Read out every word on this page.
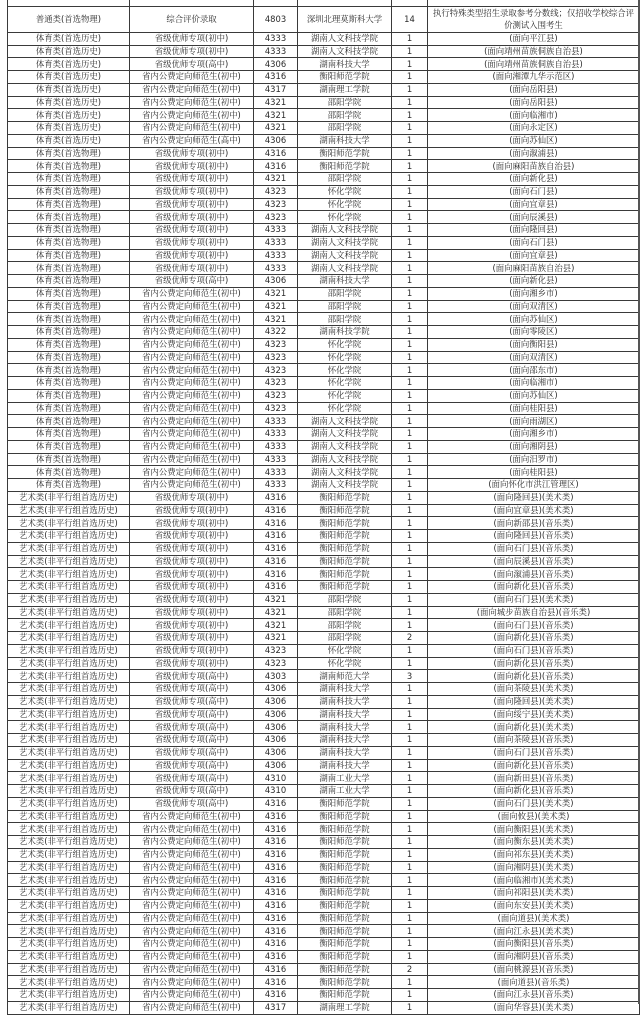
普通类(首选物理)	综合评价录取	4803	深圳北理莫斯科大学	14	执行特殊类型招生录取参考分数线；仅招收学校综合评价测试入围考生
体育类(首选历史)	省级优师专项(初中)	4333	湖南人文科技学院	1	(面向平江县)
体育类(首选历史)	省级优师专项(初中)	4333	湖南人文科技学院	1	(面向靖州苗族侗族自治县)
体育类(首选历史)	省级优师专项(高中)	4306	湖南科技大学	1	(面向靖州苗族侗族自治县)
体育类(首选历史)	省内公费定向师范生(初中)	4316	衡阳师范学院	1	(面向湘潭九华示范区)
体育类(首选历史)	省内公费定向师范生(初中)	4317	湖南理工学院	1	(面向岳阳县)
体育类(首选历史)	省内公费定向师范生(初中)	4321	邵阳学院	1	(面向岳阳县)
体育类(首选历史)	省内公费定向师范生(初中)	4321	邵阳学院	1	(面向临湘市)
体育类(首选历史)	省内公费定向师范生(初中)	4321	邵阳学院	1	(面向永定区)
体育类(首选历史)	省内公费定向师范生(高中)	4306	湖南科技大学	1	(面向苏仙区)
体育类(首选物理)	省级优师专项(初中)	4316	衡阳师范学院	1	(面向溆浦县)
体育类(首选物理)	省级优师专项(初中)	4316	衡阳师范学院	1	(面向麻阳苗族自治县)
体育类(首选物理)	省级优师专项(初中)	4321	邵阳学院	1	(面向新化县)
体育类(首选物理)	省级优师专项(初中)	4323	怀化学院	1	(面向石门县)
体育类(首选物理)	省级优师专项(初中)	4323	怀化学院	1	(面向宜章县)
体育类(首选物理)	省级优师专项(初中)	4323	怀化学院	1	(面向辰溪县)
体育类(首选物理)	省级优师专项(初中)	4333	湖南人文科技学院	1	(面向隆回县)
体育类(首选物理)	省级优师专项(初中)	4333	湖南人文科技学院	1	(面向石门县)
体育类(首选物理)	省级优师专项(初中)	4333	湖南人文科技学院	1	(面向宜章县)
体育类(首选物理)	省级优师专项(初中)	4333	湖南人文科技学院	1	(面向麻阳苗族自治县)
体育类(首选物理)	省级优师专项(高中)	4306	湖南科技大学	1	(面向新化县)
体育类(首选物理)	省内公费定向师范生(初中)	4321	邵阳学院	1	(面向湘乡市)
体育类(首选物理)	省内公费定向师范生(初中)	4321	邵阳学院	1	(面向双清区)
体育类(首选物理)	省内公费定向师范生(初中)	4321	邵阳学院	1	(面向苏仙区)
体育类(首选物理)	省内公费定向师范生(初中)	4322	湖南科技学院	1	(面向零陵区)
体育类(首选物理)	省内公费定向师范生(初中)	4323	怀化学院	1	(面向衡阳县)
体育类(首选物理)	省内公费定向师范生(初中)	4323	怀化学院	1	(面向双清区)
体育类(首选物理)	省内公费定向师范生(初中)	4323	怀化学院	1	(面向邵东市)
体育类(首选物理)	省内公费定向师范生(初中)	4323	怀化学院	1	(面向临湘市)
体育类(首选物理)	省内公费定向师范生(初中)	4323	怀化学院	1	(面向苏仙区)
体育类(首选物理)	省内公费定向师范生(初中)	4323	怀化学院	1	(面向桂阳县)
体育类(首选物理)	省内公费定向师范生(初中)	4333	湖南人文科技学院	1	(面向雨湖区)
体育类(首选物理)	省内公费定向师范生(初中)	4333	湖南人文科技学院	1	(面向湘乡市)
体育类(首选物理)	省内公费定向师范生(初中)	4333	湖南人文科技学院	1	(面向湘阴县)
体育类(首选物理)	省内公费定向师范生(初中)	4333	湖南人文科技学院	1	(面向汨罗市)
体育类(首选物理)	省内公费定向师范生(初中)	4333	湖南人文科技学院	1	(面向桂阳县)
体育类(首选物理)	省内公费定向师范生(初中)	4333	湖南人文科技学院	1	(面向怀化市洪江管理区)
艺术类(非平行组首选历史)	省级优师专项(初中)	4316	衡阳师范学院	1	(面向隆回县)(美术类)
艺术类(非平行组首选历史)	省级优师专项(初中)	4316	衡阳师范学院	1	(面向宜章县)(美术类)
艺术类(非平行组首选历史)	省级优师专项(初中)	4316	衡阳师范学院	1	(面向新邵县)(音乐类)
艺术类(非平行组首选历史)	省级优师专项(初中)	4316	衡阳师范学院	1	(面向隆回县)(音乐类)
艺术类(非平行组首选历史)	省级优师专项(初中)	4316	衡阳师范学院	1	(面向石门县)(音乐类)
艺术类(非平行组首选历史)	省级优师专项(初中)	4316	衡阳师范学院	1	(面向辰溪县)(音乐类)
艺术类(非平行组首选历史)	省级优师专项(初中)	4316	衡阳师范学院	1	(面向溆浦县)(音乐类)
艺术类(非平行组首选历史)	省级优师专项(初中)	4316	衡阳师范学院	1	(面向新化县)(音乐类)
艺术类(非平行组首选历史)	省级优师专项(初中)	4321	邵阳学院	1	(面向石门县)(美术类)
艺术类(非平行组首选历史)	省级优师专项(初中)	4321	邵阳学院	1	(面向城步苗族自治县)(音乐类)
艺术类(非平行组首选历史)	省级优师专项(初中)	4321	邵阳学院	1	(面向石门县)(音乐类)
艺术类(非平行组首选历史)	省级优师专项(初中)	4321	邵阳学院	2	(面向新化县)(音乐类)
艺术类(非平行组首选历史)	省级优师专项(初中)	4323	怀化学院	1	(面向石门县)(音乐类)
艺术类(非平行组首选历史)	省级优师专项(初中)	4323	怀化学院	1	(面向新化县)(音乐类)
艺术类(非平行组首选历史)	省级优师专项(高中)	4303	湖南师范大学	3	(面向新化县)(音乐类)
艺术类(非平行组首选历史)	省级优师专项(高中)	4306	湖南科技大学	1	(面向茶陵县)(美术类)
艺术类(非平行组首选历史)	省级优师专项(高中)	4306	湖南科技大学	1	(面向隆回县)(美术类)
艺术类(非平行组首选历史)	省级优师专项(高中)	4306	湖南科技大学	1	(面向绥宁县)(美术类)
艺术类(非平行组首选历史)	省级优师专项(高中)	4306	湖南科技大学	1	(面向新化县)(美术类)
艺术类(非平行组首选历史)	省级优师专项(高中)	4306	湖南科技大学	1	(面向茶陵县)(音乐类)
艺术类(非平行组首选历史)	省级优师专项(高中)	4306	湖南科技大学	1	(面向石门县)(音乐类)
艺术类(非平行组首选历史)	省级优师专项(高中)	4306	湖南科技大学	1	(面向新化县)(音乐类)
艺术类(非平行组首选历史)	省级优师专项(高中)	4310	湖南工业大学	1	(面向新田县)(音乐类)
艺术类(非平行组首选历史)	省级优师专项(高中)	4310	湖南工业大学	1	(面向新化县)(音乐类)
艺术类(非平行组首选历史)	省级优师专项(高中)	4316	衡阳师范学院	1	(面向石门县)(美术类)
艺术类(非平行组首选历史)	省内公费定向师范生(初中)	4316	衡阳师范学院	1	(面向攸县)(美术类)
艺术类(非平行组首选历史)	省内公费定向师范生(初中)	4316	衡阳师范学院	1	(面向衡阳县)(美术类)
艺术类(非平行组首选历史)	省内公费定向师范生(初中)	4316	衡阳师范学院	1	(面向衡东县)(美术类)
艺术类(非平行组首选历史)	省内公费定向师范生(初中)	4316	衡阳师范学院	1	(面向祁东县)(美术类)
艺术类(非平行组首选历史)	省内公费定向师范生(初中)	4316	衡阳师范学院	1	(面向湘阴县)(美术类)
艺术类(非平行组首选历史)	省内公费定向师范生(初中)	4316	衡阳师范学院	1	(面向临湘市)(美术类)
艺术类(非平行组首选历史)	省内公费定向师范生(初中)	4316	衡阳师范学院	1	(面向祁阳县)(美术类)
艺术类(非平行组首选历史)	省内公费定向师范生(初中)	4316	衡阳师范学院	1	(面向东安县)(美术类)
艺术类(非平行组首选历史)	省内公费定向师范生(初中)	4316	衡阳师范学院	1	(面向道县)(美术类)
艺术类(非平行组首选历史)	省内公费定向师范生(初中)	4316	衡阳师范学院	1	(面向江永县)(美术类)
艺术类(非平行组首选历史)	省内公费定向师范生(初中)	4316	衡阳师范学院	1	(面向衡阳县)(音乐类)
艺术类(非平行组首选历史)	省内公费定向师范生(初中)	4316	衡阳师范学院	1	(面向湘阴县)(音乐类)
艺术类(非平行组首选历史)	省内公费定向师范生(初中)	4316	衡阳师范学院	2	(面向桃源县)(音乐类)
艺术类(非平行组首选历史)	省内公费定向师范生(初中)	4316	衡阳师范学院	1	(面向道县)(音乐类)
艺术类(非平行组首选历史)	省内公费定向师范生(初中)	4316	衡阳师范学院	1	(面向江永县)(音乐类)
艺术类(非平行组首选历史)	省内公费定向师范生(初中)	4317	湖南理工学院	1	(面向华容县)(美术类)
